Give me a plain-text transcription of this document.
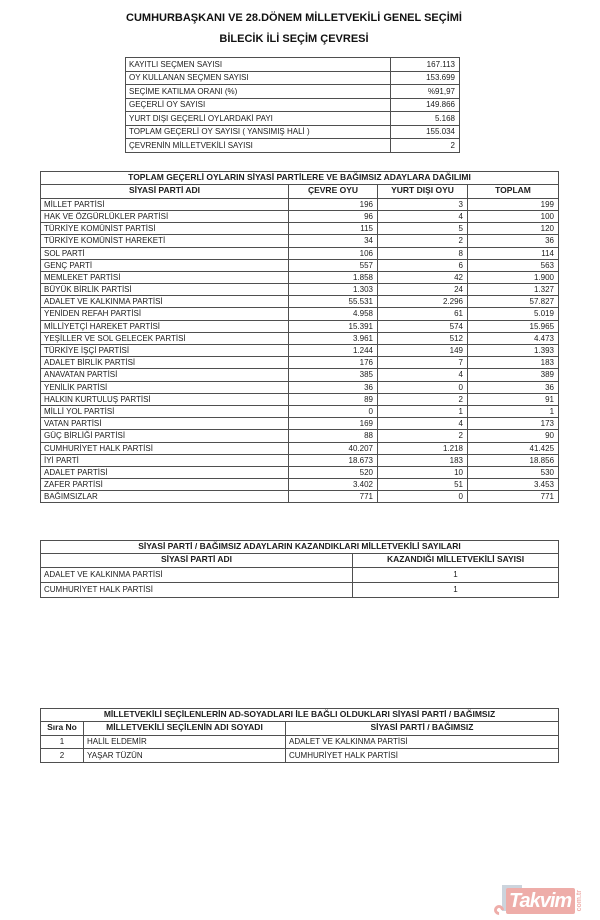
CUMHURBAŞKANI VE 28.DÖNEM MİLLETVEKİLİ GENEL SEÇİMİ
BİLECİK İLİ SEÇİM ÇEVRESİ
KAYITLI SEÇMEN SAYISI	167.113
OY KULLANAN SEÇMEN SAYISI	153.699
SEÇİME KATILMA ORANI (%)	%91,97
GEÇERLİ OY SAYISI	149.866
YURT DIŞI GEÇERLİ OYLARDAKİ PAYI	5.168
TOPLAM GEÇERLİ OY SAYISI ( YANSIMIŞ HALİ )	155.034
ÇEVRENİN MİLLETVEKİLİ SAYISI	2
TOPLAM GEÇERLİ OYLARIN SİYASİ PARTİLERE VE BAĞIMSIZ ADAYLARA DAĞILIMI			
SİYASİ PARTİ ADI	ÇEVRE OYU	YURT DIŞI OYU	TOPLAM
MİLLET PARTİSİ	196	3	199
HAK VE ÖZGÜRLÜKLER PARTİSİ	96	4	100
TÜRKİYE KOMÜNİST PARTİSİ	115	5	120
TÜRKİYE KOMÜNİST HAREKETİ	34	2	36
SOL PARTİ	106	8	114
GENÇ PARTİ	557	6	563
MEMLEKET PARTİSİ	1.858	42	1.900
BÜYÜK BİRLİK PARTİSİ	1.303	24	1.327
ADALET VE KALKINMA PARTİSİ	55.531	2.296	57.827
YENİDEN REFAH PARTİSİ	4.958	61	5.019
MİLLİYETÇİ HAREKET PARTİSİ	15.391	574	15.965
YEŞİLLER VE SOL GELECEK PARTİSİ	3.961	512	4.473
TÜRKİYE İŞÇİ PARTİSİ	1.244	149	1.393
ADALET BİRLİK PARTİSİ	176	7	183
ANAVATAN PARTİSİ	385	4	389
YENİLİK PARTİSİ	36	0	36
HALKIN KURTULUŞ PARTİSİ	89	2	91
MİLLİ YOL PARTİSİ	0	1	1
VATAN PARTİSİ	169	4	173
GÜÇ BİRLİĞİ PARTİSİ	88	2	90
CUMHURİYET HALK PARTİSİ	40.207	1.218	41.425
İYİ PARTİ	18.673	183	18.856
ADALET PARTİSİ	520	10	530
ZAFER PARTİSİ	3.402	51	3.453
BAĞIMSIZLAR	771	0	771
SİYASİ PARTİ / BAĞIMSIZ ADAYLARIN KAZANDIKLARI MİLLETVEKİLİ SAYILARI	
SİYASİ PARTİ ADI	KAZANDIĞI MİLLETVEKİLİ SAYISI
ADALET VE KALKINMA PARTİSİ	1
CUMHURİYET HALK PARTİSİ	1
MİLLETVEKİLİ SEÇİLENLERİN AD-SOYADLARI İLE BAĞLI OLDUKLARI SİYASİ PARTİ / BAĞIMSIZ		
Sıra No	MİLLETVEKİLİ SEÇİLENİN ADI SOYADI	SİYASİ PARTİ / BAĞIMSIZ
1	HALİL ELDEMİR	ADALET VE KALKINMA PARTİSİ
2	YAŞAR TÜZÜN	CUMHURİYET HALK PARTİSİ
Takvim com.tr
